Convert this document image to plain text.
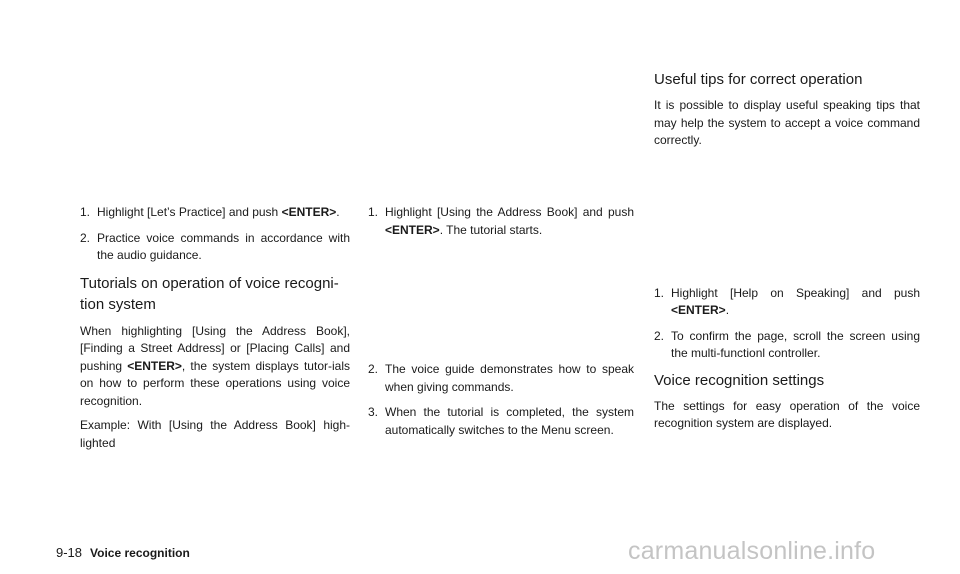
1. Highlight [Let’s Practice] and push <ENTER>.
2. Practice voice commands in accordance with the audio guidance.
Tutorials on operation of voice recogni-tion system

When highlighting [Using the Address Book], [Finding a Street Address] or [Placing Calls] and pushing <ENTER>, the system displays tutor-ials on how to perform these operations using voice recognition.

Example: With [Using the Address Book] high-lighted

1. Highlight [Using the Address Book] and push <ENTER>. The tutorial starts.
2. The voice guide demonstrates how to speak when giving commands.
3. When the tutorial is completed, the system automatically switches to the Menu screen.
Useful tips for correct operation

It is possible to display useful speaking tips that may help the system to accept a voice command correctly.

1. Highlight [Help on Speaking] and push <ENTER>.
2. To confirm the page, scroll the screen using the multi-functionl controller.
Voice recognition settings

The settings for easy operation of the voice recognition system are displayed.

9-18 Voice recognition	carmanualsonline.info
